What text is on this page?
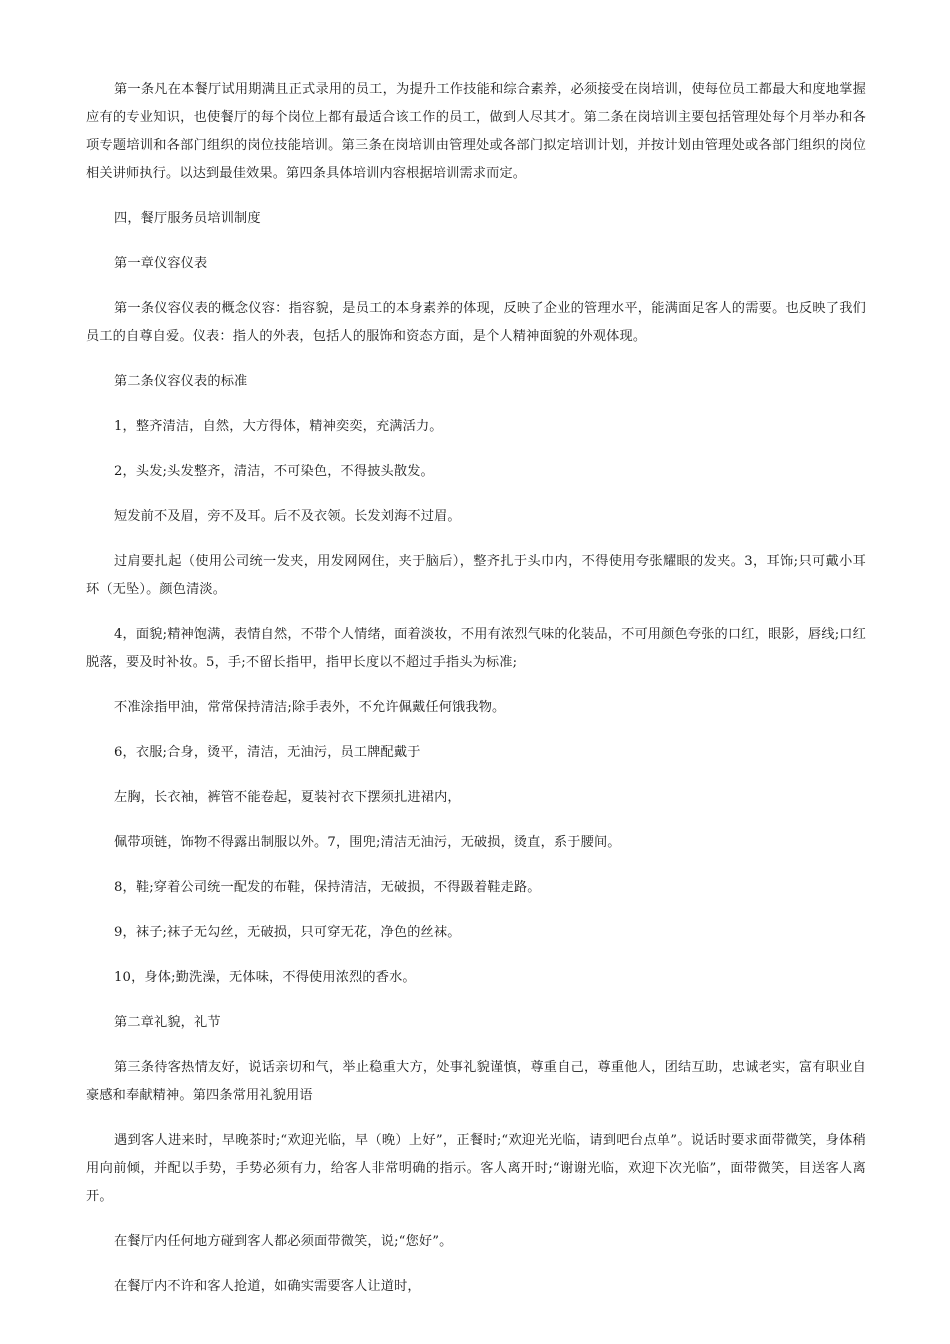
第一条凡在本餐厅试用期满且正式录用的员工，为提升工作技能和综合素养，必须接受在岗培训，使每位员工都最大和度地掌握应有的专业知识，也使餐厅的每个岗位上都有最适合该工作的员工，做到人尽其才。第二条在岗培训主要包括管理处每个月举办和各项专题培训和各部门组织的岗位技能培训。第三条在岗培训由管理处或各部门拟定培训计划，并按计划由管理处或各部门组织的岗位相关讲师执行。以达到最佳效果。第四条具体培训内容根据培训需求而定。

四，餐厅服务员培训制度

第一章仪容仪表

第一条仪容仪表的概念仪容：指容貌，是员工的本身素养的体现，反映了企业的管理水平，能满面足客人的需要。也反映了我们员工的自尊自爱。仪表：指人的外表，包括人的服饰和资态方面，是个人精神面貌的外观体现。

第二条仪容仪表的标准

1，整齐清洁，自然，大方得体，精神奕奕，充满活力。

2，头发;头发整齐，清洁，不可染色，不得披头散发。

短发前不及眉，旁不及耳。后不及衣领。长发刘海不过眉。

过肩要扎起（使用公司统一发夹，用发网网住，夹于脑后），整齐扎于头巾内，不得使用夸张耀眼的发夹。3，耳饰;只可戴小耳环（无坠）。颜色清淡。

4，面貌;精神饱满，表情自然，不带个人情绪，面着淡妆，不用有浓烈气味的化装品，不可用颜色夸张的口红，眼影，唇线;口红脱落，要及时补妆。5，手;不留长指甲，指甲长度以不超过手指头为标准;

不准涂指甲油，常常保持清洁;除手表外，不允许佩戴任何饿我物。

6，衣服;合身，烫平，清洁，无油污，员工牌配戴于

左胸，长衣袖，裤管不能卷起，夏装衬衣下摆须扎进裙内，

佩带项链，饰物不得露出制服以外。7，围兜;清洁无油污，无破损，烫直，系于腰间。

8，鞋;穿着公司统一配发的布鞋，保持清洁，无破损，不得趿着鞋走路。

9，袜子;袜子无勾丝，无破损，只可穿无花，净色的丝袜。

10，身体;勤洗澡，无体味，不得使用浓烈的香水。

第二章礼貌，礼节

第三条待客热情友好，说话亲切和气，举止稳重大方，处事礼貌谨慎，尊重自己，尊重他人，团结互助，忠诚老实，富有职业自豪感和奉献精神。第四条常用礼貌用语

遇到客人进来时，早晚茶时;“欢迎光临，早（晚）上好”，正餐时;“欢迎光光临，请到吧台点单”。说话时要求面带微笑，身体稍用向前倾，并配以手势，手势必须有力，给客人非常明确的指示。客人离开时;“谢谢光临，欢迎下次光临”，面带微笑，目送客人离开。

在餐厅内任何地方碰到客人都必须面带微笑，说;“您好”。

在餐厅内不许和客人抢道，如确实需要客人让道时，
